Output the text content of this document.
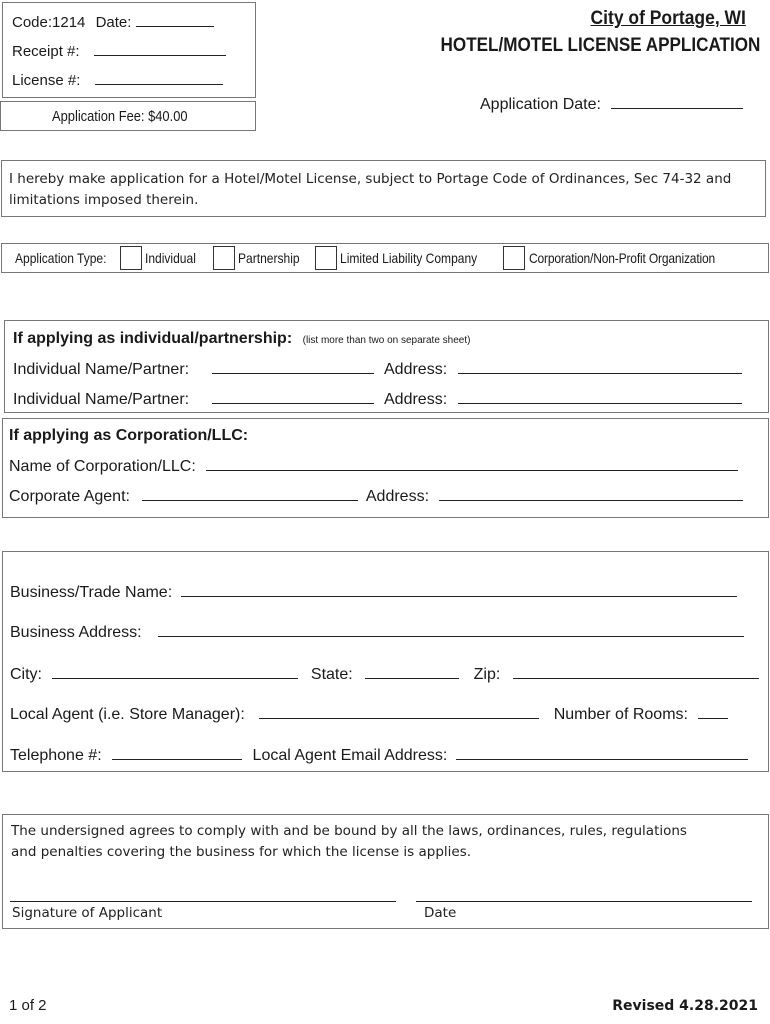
Code:1214 Date:
Receipt #:
License #:
Application Fee: $40.00
City of Portage, WI
HOTEL/MOTEL LICENSE APPLICATION
Application Date:
I hereby make application for a Hotel/Motel License, subject to Portage Code of Ordinances, Sec 74-32 and
limitations imposed therein.
Application Type:	Individual	Partnership	Limited Liability Company	Corporation/Non-Profit Organization
If applying as individual/partnership: (list more than two on separate sheet)
Individual Name/Partner:	Address:
Individual Name/Partner:	Address:
If applying as Corporation/LLC:
Name of Corporation/LLC:
Corporate Agent:	Address:
Business/Trade Name:
Business Address:
City:	State:	Zip:
Local Agent (i.e. Store Manager):	Number of Rooms:
Telephone #:	Local Agent Email Address:
The undersigned agrees to comply with and be bound by all the laws, ordinances, rules, regulations
and penalties covering the business for which the license is applies.
Signature of Applicant	Date
1 of 2	Revised 4.28.2021
